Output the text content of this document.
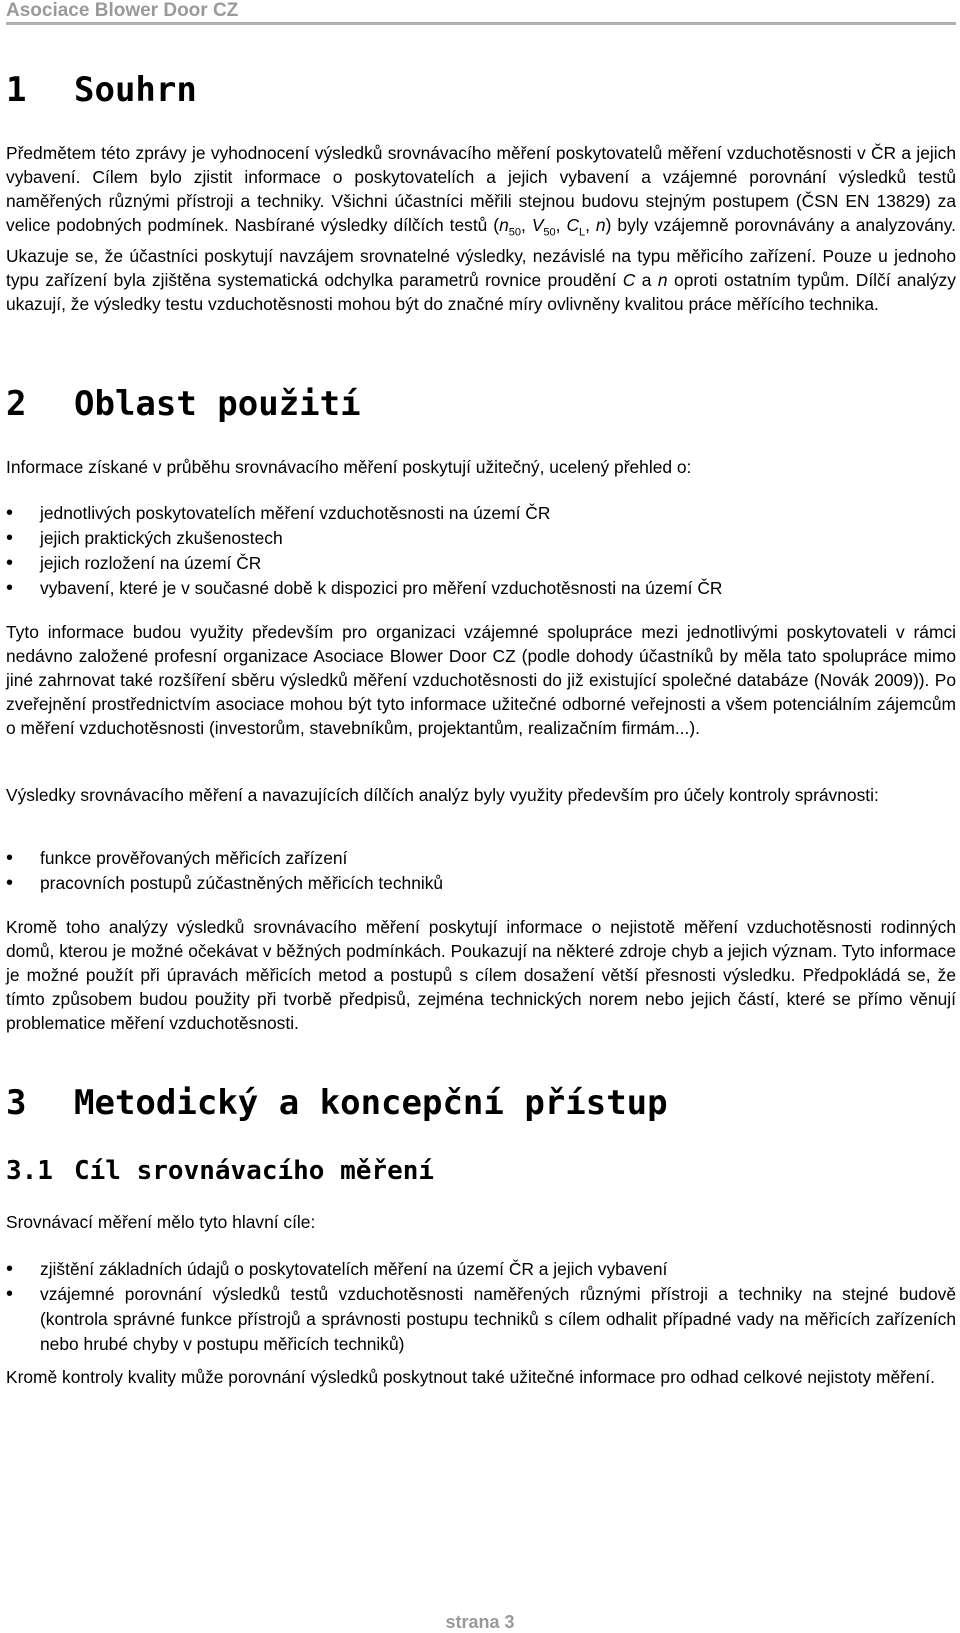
Asociace Blower Door CZ
1 Souhrn

Předmětem této zprávy je vyhodnocení výsledků srovnávacího měření poskytovatelů měření vzduchotěsnosti v ČR a jejich vybavení. Cílem bylo zjistit informace o poskytovatelích a jejich vybavení a vzájemné porovnání výsledků testů naměřených různými přístroji a techniky. Všichni účastníci měřili stejnou budovu stejným postupem (ČSN EN 13829) za velice podobných podmínek. Nasbírané výsledky dílčích testů ($n_{50}$, $V_{50}$, $C_L$, n) byly vzájemně porovnávány a analyzovány. Ukazuje se, že účastníci poskytují navzájem srovnatelné výsledky, nezávislé na typu měřicího zařízení. Pouze u jednoho typu zařízení byla zjištěna systematická odchylka parametrů rovnice proudění C a n oproti ostatním typům. Dílčí analýzy ukazují, že výsledky testu vzduchotěsnosti mohou být do značné míry ovlivněny kvalitou práce měřícího technika.

2 Oblast použití

Informace získané v průběhu srovnávacího měření poskytují užitečný, ucelený přehled o:

• jednotlivých poskytovatelích měření vzduchotěsnosti na území ČR
• jejich praktických zkušenostech
• jejich rozložení na území ČR
• vybavení, které je v současné době k dispozici pro měření vzduchotěsnosti na území ČR

Tyto informace budou využity především pro organizaci vzájemné spolupráce mezi jednotlivými poskytovateli v rámci nedávno založené profesní organizace Asociace Blower Door CZ (podle dohody účastníků by měla tato spolupráce mimo jiné zahrnovat také rozšíření sběru výsledků měření vzduchotěsnosti do již existující společné databáze (Novák 2009)). Po zveřejnění prostřednictvím asociace mohou být tyto informace užitečné odborné veřejnosti a všem potenciálním zájemcům o měření vzduchotěsnosti (investorům, stavebníkům, projektantům, realizačním firmám...).

Výsledky srovnávacího měření a navazujících dílčích analýz byly využity především pro účely kontroly správnosti:

• funkce prověřovaných měřicích zařízení
• pracovních postupů zúčastněných měřicích techniků

Kromě toho analýzy výsledků srovnávacího měření poskytují informace o nejistotě měření vzduchotěsnosti rodinných domů, kterou je možné očekávat v běžných podmínkách. Poukazují na některé zdroje chyb a jejich význam. Tyto informace je možné použít při úpravách měřicích metod a postupů s cílem dosažení větší přesnosti výsledku. Předpokládá se, že tímto způsobem budou použity při tvorbě předpisů, zejména technických norem nebo jejich částí, které se přímo věnují problematice měření vzduchotěsnosti.

3 Metodický a koncepční přístup
3.1 Cíl srovnávacího měření

Srovnávací měření mělo tyto hlavní cíle:

• zjištění základních údajů o poskytovatelích měření na území ČR a jejich vybavení
• vzájemné porovnání výsledků testů vzduchotěsnosti naměřených různými přístroji a techniky na stejné budově (kontrola správné funkce přístrojů a správnosti postupu techniků s cílem odhalit případné vady na měřicích zařízeních nebo hrubé chyby v postupu měřicích techniků)

Kromě kontroly kvality může porovnání výsledků poskytnout také užitečné informace pro odhad celkové nejistoty měření.

strana 3
